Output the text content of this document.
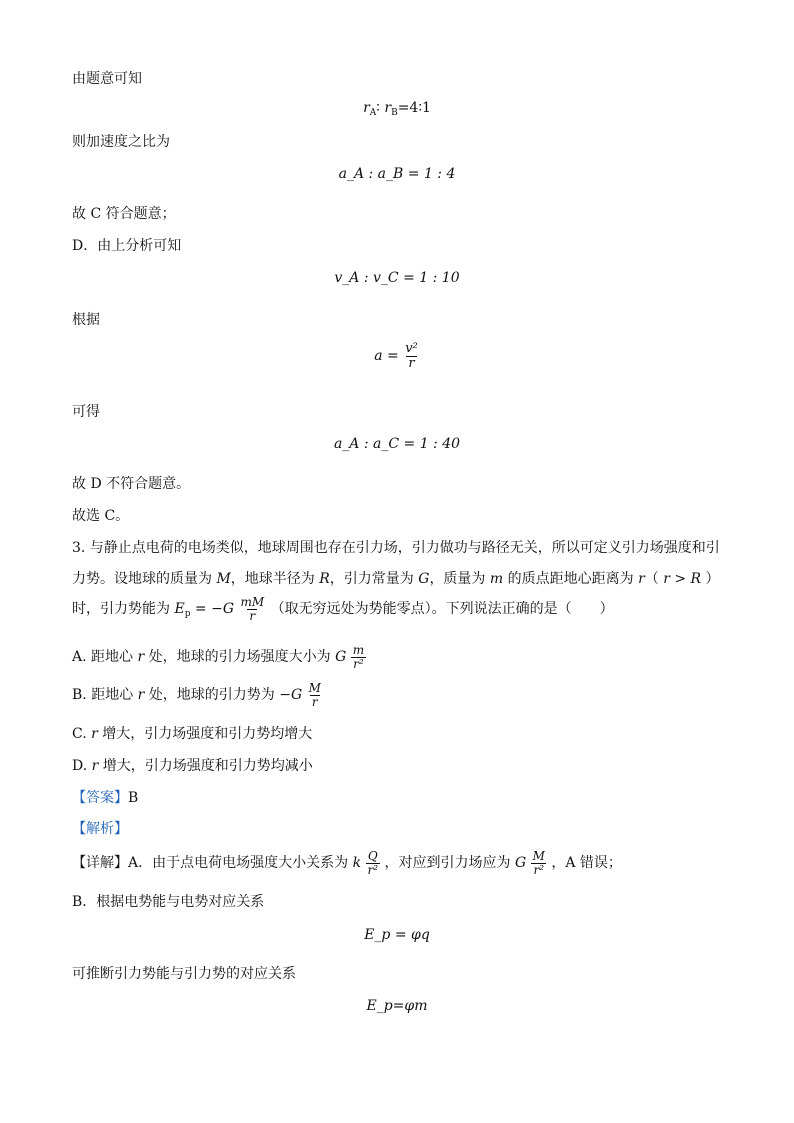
由题意可知
$r_A∶$ $r_B=4∶1$
则加速度之比为
a_A : a_B = 1 : 4
故 C 符合题意；
D．由上分析可知
v_A : v_C = 1 : 10
根据
$a = \frac{\text{v²}}{r}$
可得
a_A : a_C = 1 : 40
故 D 不符合题意。
故选 C。
3. 与静止点电荷的电场类似，地球周围也存在引力场，引力做功与路径无关，所以可定义引力场强度和引
力势。设地球的质量为 M，地球半径为 R，引力常量为 G，质量为 m 的质点距地心距离为 r（ r > R ）
时，引力势能为 $E_p = -G \frac{mM}{r}$ （取无穷远处为势能零点）。下列说法正确的是（　　）
A. 距地心 r 处，地球的引力场强度大小为 G $\frac{m}{\text{r²}}$
B. 距地心 r 处，地球的引力势为 $-G \frac{M}{r}$
C. r 增大，引力场强度和引力势均增大
D. r 增大，引力场强度和引力势均减小
【答案】B
【解析】
【详解】A．由于点电荷电场强度大小关系为 k $\frac{Q}{\text{r²}}$ ，对应到引力场应为 G $\frac{M}{\text{r²}}$ ，A 错误；
B．根据电势能与电势对应关系
E_p = φq
可推断引力势能与引力势的对应关系
E_p=φm
